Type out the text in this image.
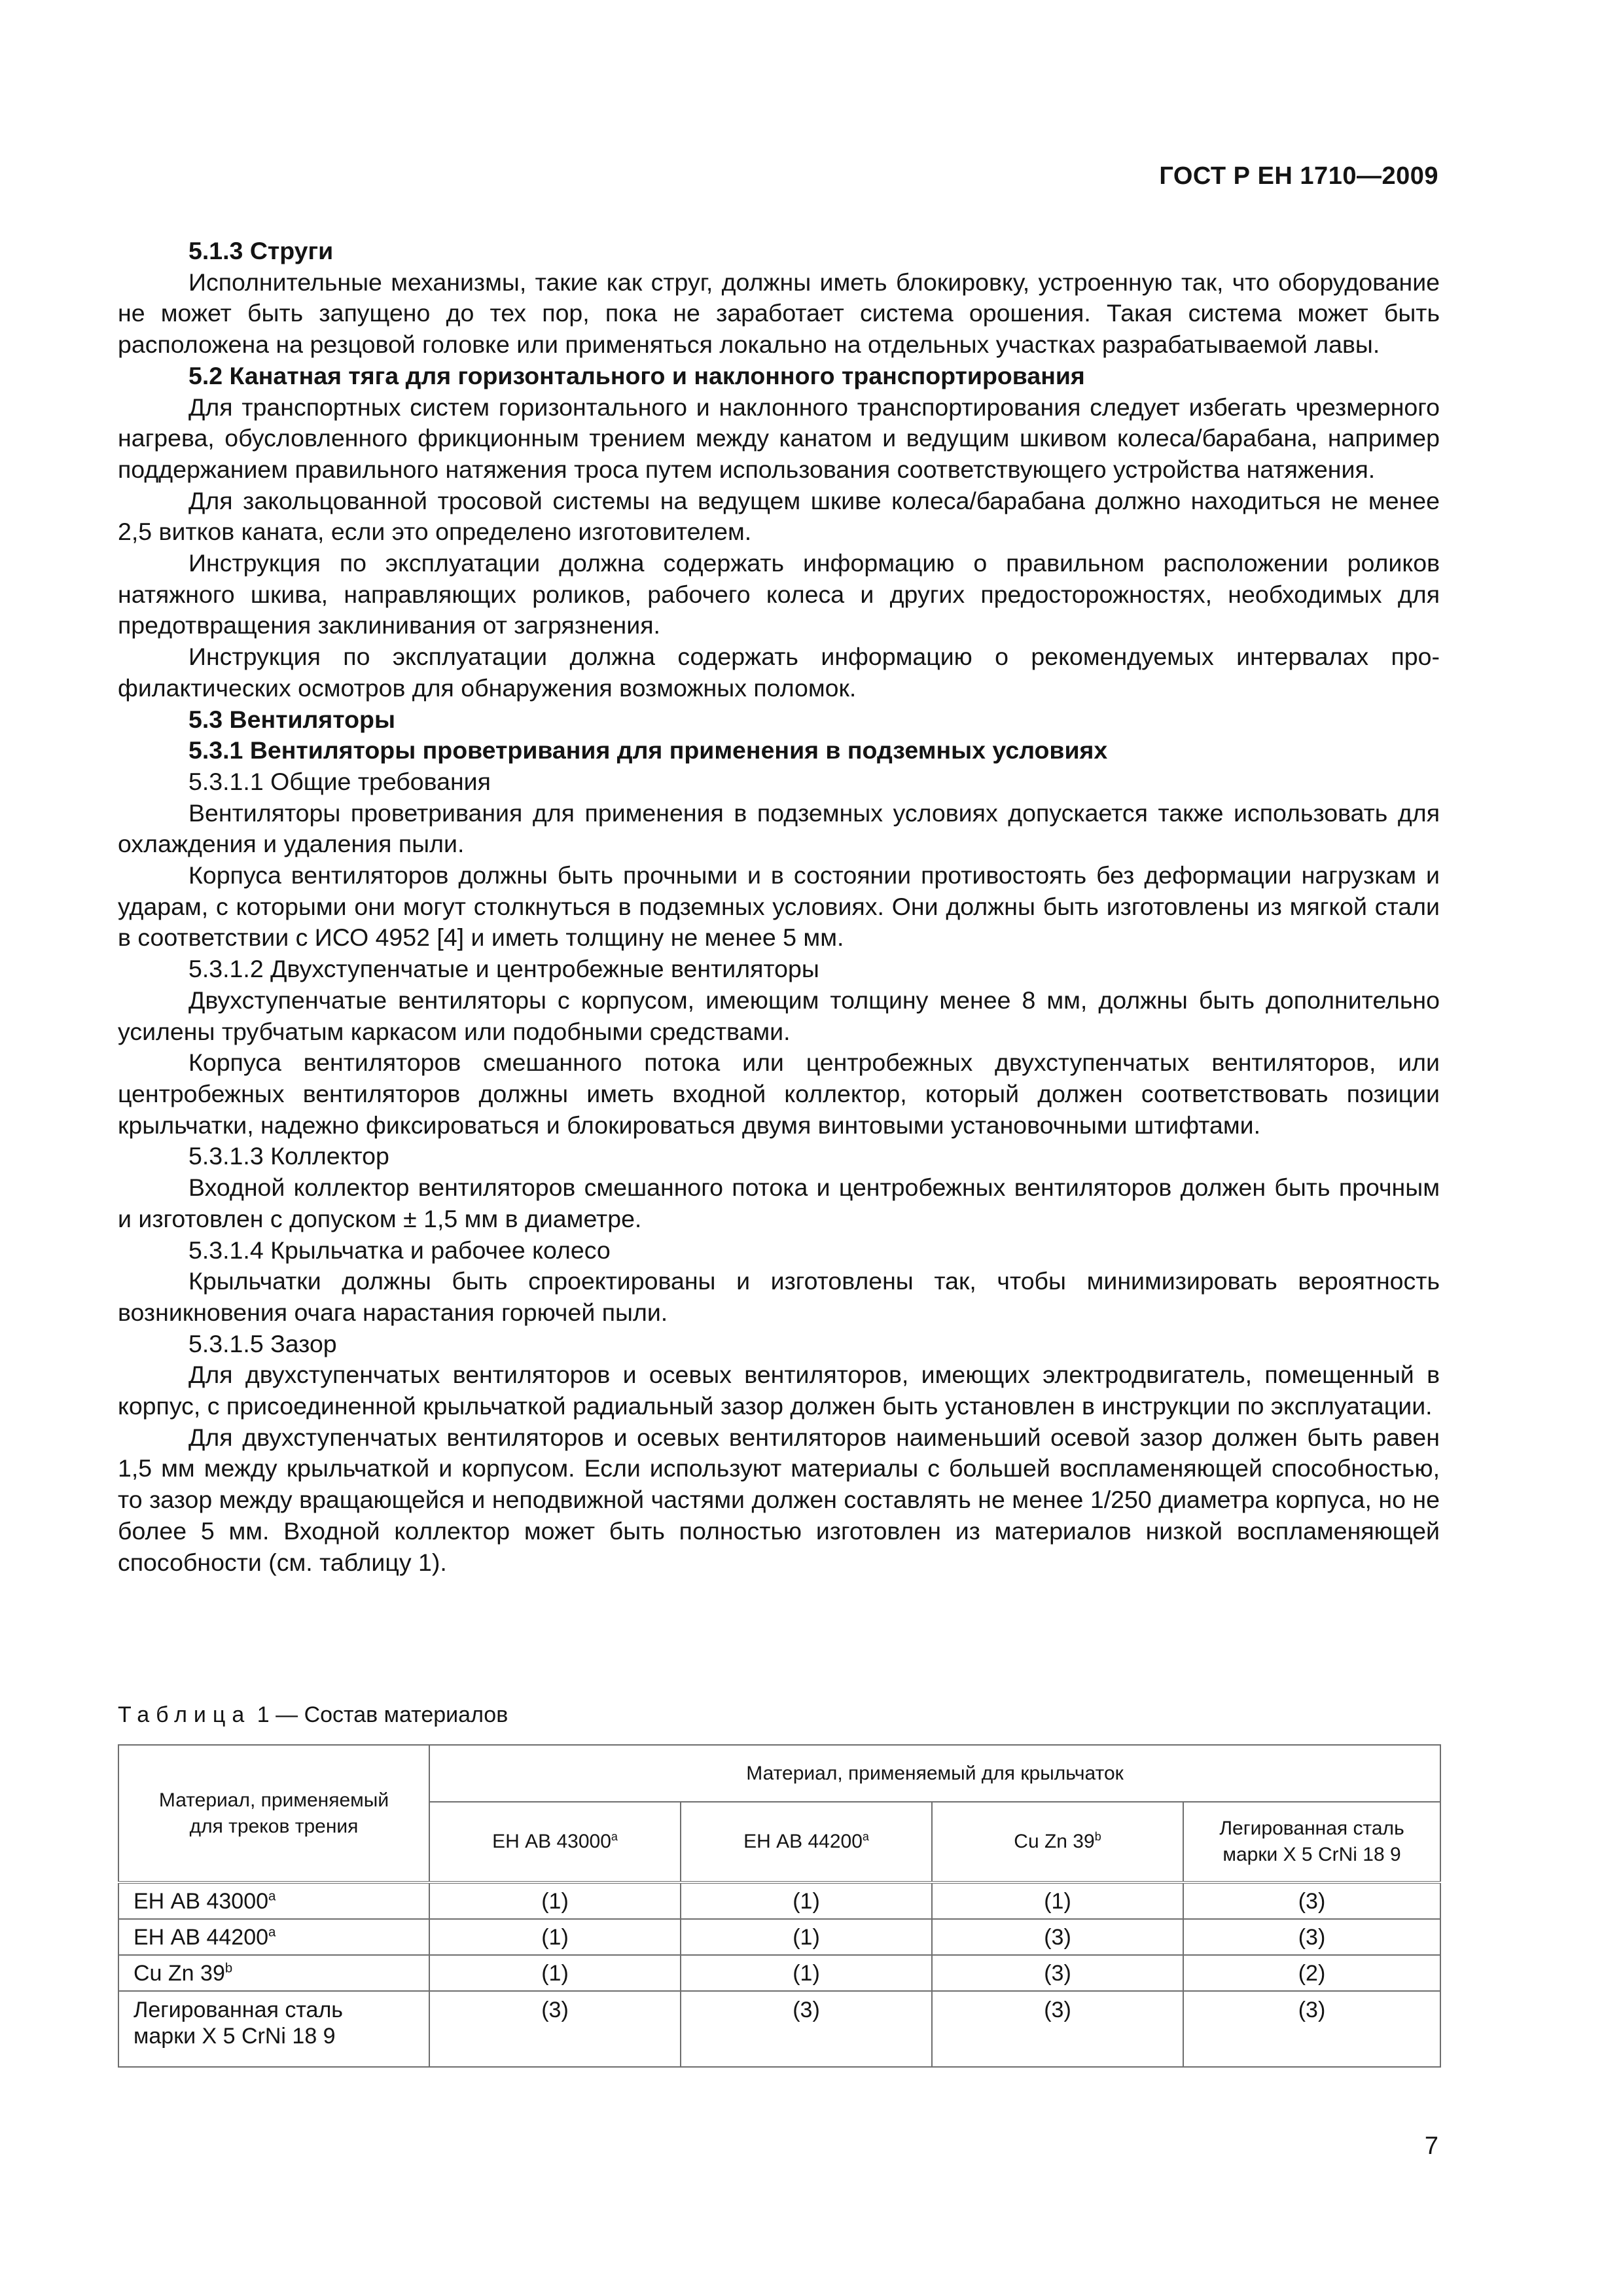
ГОСТ Р ЕН 1710—2009

5.1.3 Струги

Исполнительные механизмы, такие как струг, должны иметь блокировку, устроенную так, что оборудование не может быть запущено до тех пор, пока не заработает система орошения. Такая система может быть расположена на резцовой головке или применяться локально на отдельных участках разрабатываемой лавы.

5.2 Канатная тяга для горизонтального и наклонного транспортирования

Для транспортных систем горизонтального и наклонного транспортирования следует избегать чрезмерного нагрева, обусловленного фрикционным трением между канатом и ведущим шкивом колеса/барабана, например поддержанием правильного натяжения троса путем использования соответствующего устройства натяжения.

Для закольцованной тросовой системы на ведущем шкиве колеса/барабана должно находиться не менее 2,5 витков каната, если это определено изготовителем.

Инструкция по эксплуатации должна содержать информацию о правильном расположении роликов натяжного шкива, направляющих роликов, рабочего колеса и других предосторожностях, необходимых для предотвращения заклинивания от загрязнения.

Инструкция по эксплуатации должна содержать информацию о рекомендуемых интервалах профилактических осмотров для обнаружения возможных поломок.

5.3 Вентиляторы

5.3.1 Вентиляторы проветривания для применения в подземных условиях

5.3.1.1 Общие требования

Вентиляторы проветривания для применения в подземных условиях допускается также использовать для охлаждения и удаления пыли.

Корпуса вентиляторов должны быть прочными и в состоянии противостоять без деформации нагрузкам и ударам, с которыми они могут столкнуться в подземных условиях. Они должны быть изготовлены из мягкой стали в соответствии с ИСО 4952 [4] и иметь толщину не менее 5 мм.

5.3.1.2 Двухступенчатые и центробежные вентиляторы

Двухступенчатые вентиляторы с корпусом, имеющим толщину менее 8 мм, должны быть дополнительно усилены трубчатым каркасом или подобными средствами.

Корпуса вентиляторов смешанного потока или центробежных двухступенчатых вентиляторов, или центробежных вентиляторов должны иметь входной коллектор, который должен соответствовать позиции крыльчатки, надежно фиксироваться и блокироваться двумя винтовыми установочными штифтами.

5.3.1.3 Коллектор

Входной коллектор вентиляторов смешанного потока и центробежных вентиляторов должен быть прочным и изготовлен с допуском ± 1,5 мм в диаметре.

5.3.1.4 Крыльчатка и рабочее колесо

Крыльчатки должны быть спроектированы и изготовлены так, чтобы минимизировать вероятность возникновения очага нарастания горючей пыли.

5.3.1.5 Зазор

Для двухступенчатых вентиляторов и осевых вентиляторов, имеющих электродвигатель, помещенный в корпус, с присоединенной крыльчаткой радиальный зазор должен быть установлен в инструкции по эксплуатации.

Для двухступенчатых вентиляторов и осевых вентиляторов наименьший осевой зазор должен быть равен 1,5 мм между крыльчаткой и корпусом. Если используют материалы с большей воспламеняющей способностью, то зазор между вращающейся и неподвижной частями должен составлять не менее 1/250 диаметра корпуса, но не более 5 мм. Входной коллектор может быть полностью изготовлен из материалов низкой воспламеняющей способности (см. таблицу 1).

Таблица 1 — Состав материалов
Материал, применяемый
для треков трения	Материал, применяемый для крыльчаток			
	ЕН АВ 43000$^a$	ЕН АВ 44200$^a$	Cu Zn 39$^b$	Легированная сталь
марки X 5 CrNi 18 9
ЕН АВ 43000$^a$	(1)	(1)	(1)	(3)
ЕН АВ 44200$^a$	(1)	(1)	(3)	(3)
Cu Zn 39$^b$	(1)	(1)	(3)	(2)
Легированная сталь
марки X 5 CrNi 18 9	(3)	(3)	(3)	(3)
7
